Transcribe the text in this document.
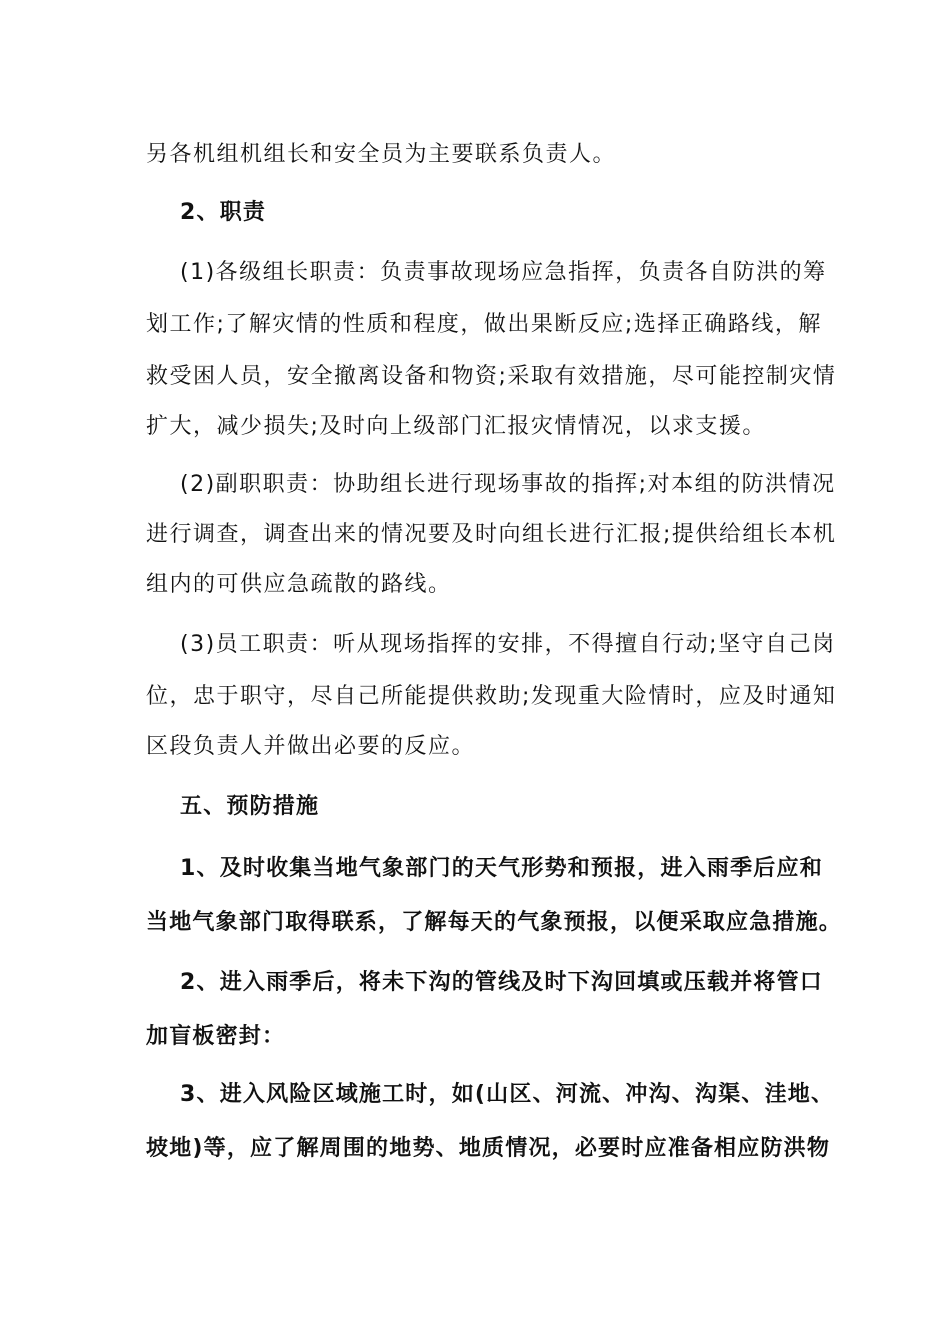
另各机组机组长和安全员为主要联系负责人。
2、职责
(1)各级组长职责：负责事故现场应急指挥，负责各自防洪的筹
划工作;了解灾情的性质和程度，做出果断反应;选择正确路线，解
救受困人员，安全撤离设备和物资;采取有效措施，尽可能控制灾情
扩大，减少损失;及时向上级部门汇报灾情情况，以求支援。
(2)副职职责：协助组长进行现场事故的指挥;对本组的防洪情况
进行调查，调查出来的情况要及时向组长进行汇报;提供给组长本机
组内的可供应急疏散的路线。
(3)员工职责：听从现场指挥的安排，不得擅自行动;坚守自己岗
位，忠于职守，尽自己所能提供救助;发现重大险情时，应及时通知
区段负责人并做出必要的反应。
五、预防措施
1、及时收集当地气象部门的天气形势和预报，进入雨季后应和
当地气象部门取得联系，了解每天的气象预报，以便采取应急措施。
2、进入雨季后，将未下沟的管线及时下沟回填或压载并将管口
加盲板密封：
3、进入风险区域施工时，如(山区、河流、冲沟、沟渠、洼地、
坡地)等，应了解周围的地势、地质情况，必要时应准备相应防洪物
